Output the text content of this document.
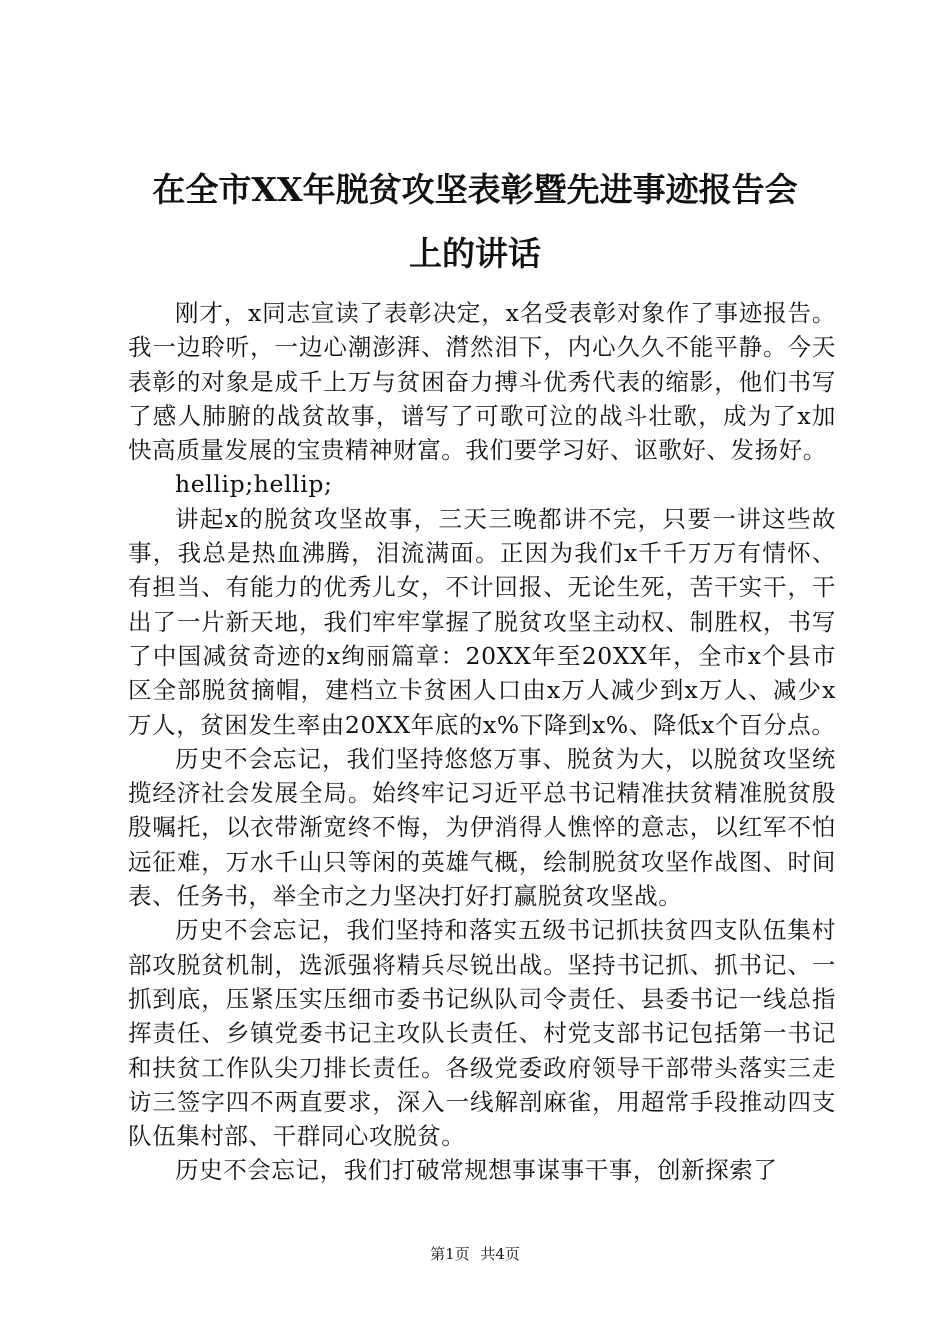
在全市XX年脱贫攻坚表彰暨先进事迹报告会
上的讲话

刚才，x同志宣读了表彰决定，x名受表彰对象作了事迹报告。我一边聆听，一边心潮澎湃、潸然泪下，内心久久不能平静。今天表彰的对象是成千上万与贫困奋力搏斗优秀代表的缩影，他们书写了感人肺腑的战贫故事，谱写了可歌可泣的战斗壮歌，成为了x加快高质量发展的宝贵精神财富。我们要学习好、讴歌好、发扬好。

hellip;hellip;

讲起x的脱贫攻坚故事，三天三晚都讲不完，只要一讲这些故事，我总是热血沸腾，泪流满面。正因为我们x千千万万有情怀、有担当、有能力的优秀儿女，不计回报、无论生死，苦干实干，干出了一片新天地，我们牢牢掌握了脱贫攻坚主动权、制胜权，书写了中国减贫奇迹的x绚丽篇章：20XX年至20XX年，全市x个县市区全部脱贫摘帽，建档立卡贫困人口由x万人减少到x万人、减少x万人，贫困发生率由20XX年底的x%下降到x%、降低x个百分点。

历史不会忘记，我们坚持悠悠万事、脱贫为大，以脱贫攻坚统揽经济社会发展全局。始终牢记习近平总书记精准扶贫精准脱贫殷殷嘱托，以衣带渐宽终不悔，为伊消得人憔悴的意志，以红军不怕远征难，万水千山只等闲的英雄气概，绘制脱贫攻坚作战图、时间表、任务书，举全市之力坚决打好打赢脱贫攻坚战。

历史不会忘记，我们坚持和落实五级书记抓扶贫四支队伍集村部攻脱贫机制，选派强将精兵尽锐出战。坚持书记抓、抓书记、一抓到底，压紧压实压细市委书记纵队司令责任、县委书记一线总指挥责任、乡镇党委书记主攻队长责任、村党支部书记包括第一书记和扶贫工作队尖刀排长责任。各级党委政府领导干部带头落实三走访三签字四不两直要求，深入一线解剖麻雀，用超常手段推动四支队伍集村部、干群同心攻脱贫。

历史不会忘记，我们打破常规想事谋事干事，创新探索了

第1页 共4页
